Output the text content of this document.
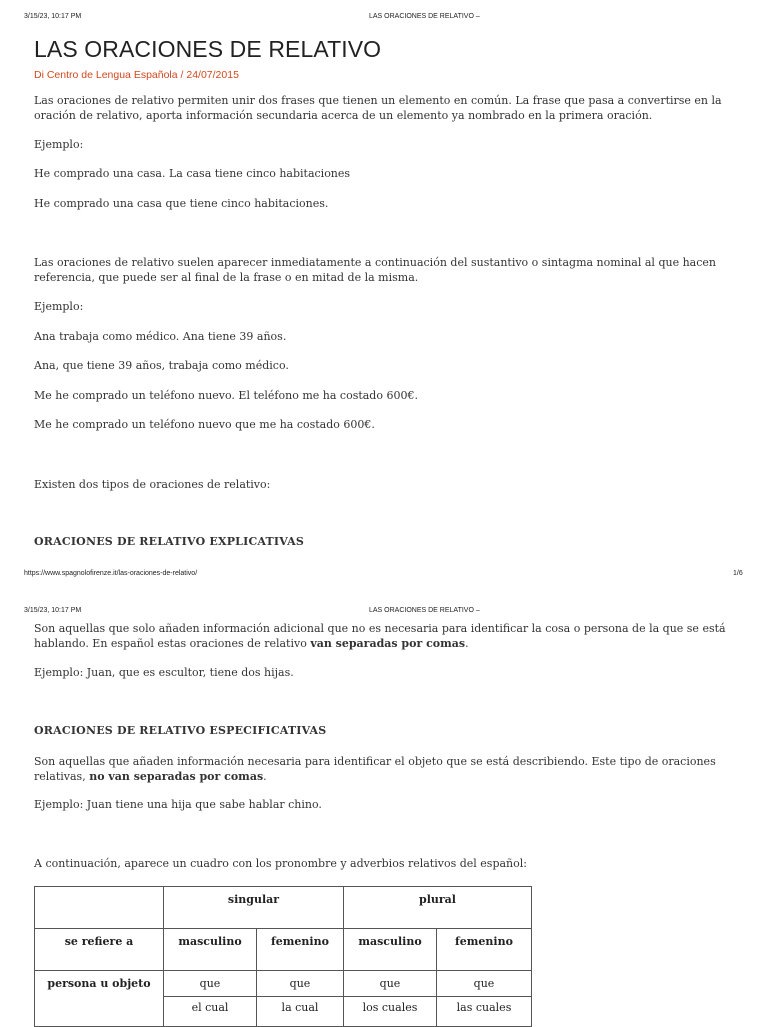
3/15/23, 10:17 PM	LAS ORACIONES DE RELATIVO –
LAS ORACIONES DE RELATIVO
Di Centro de Lengua Española / 24/07/2015
Las oraciones de relativo permiten unir dos frases que tienen un elemento en común. La frase que pasa a convertirse en la oración de relativo, aporta información secundaria acerca de un elemento ya nombrado en la primera oración.
Ejemplo:
He comprado una casa. La casa tiene cinco habitaciones
He comprado una casa que tiene cinco habitaciones.
Las oraciones de relativo suelen aparecer inmediatamente a continuación del sustantivo o sintagma nominal al que hacen referencia, que puede ser al final de la frase o en mitad de la misma.
Ejemplo:
Ana trabaja como médico. Ana tiene 39 años.
Ana, que tiene 39 años, trabaja como médico.
Me he comprado un teléfono nuevo. El teléfono me ha costado 600€.
Me he comprado un teléfono nuevo que me ha costado 600€.
Existen dos tipos de oraciones de relativo:
ORACIONES DE RELATIVO EXPLICATIVAS
https://www.spagnolofirenze.it/las-oraciones-de-relativo/	1/6
3/15/23, 10:17 PM	LAS ORACIONES DE RELATIVO –
Son aquellas que solo añaden información adicional que no es necesaria para identificar la cosa o persona de la que se está hablando. En español estas oraciones de relativo van separadas por comas.
Ejemplo: Juan, que es escultor, tiene dos hijas.
ORACIONES DE RELATIVO ESPECIFICATIVAS
Son aquellas que añaden información necesaria para identificar el objeto que se está describiendo. Este tipo de oraciones relativas, no van separadas por comas.
Ejemplo: Juan tiene una hija que sabe hablar chino.
A continuación, aparece un cuadro con los pronombre y adverbios relativos del español:
	singular		plural	
se refiere a	masculino	femenino	masculino	femenino
persona u objeto	que	que	que	que
	el cual	la cual	los cuales	las cuales
